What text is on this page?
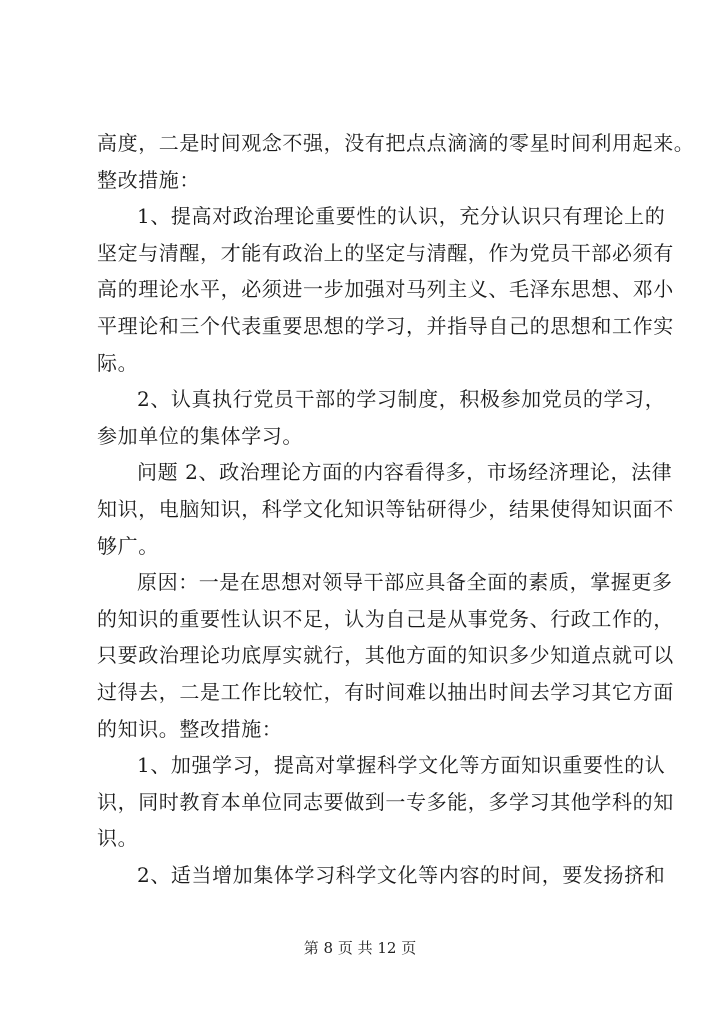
高度，二是时间观念不强，没有把点点滴滴的零星时间利用起来。
整改措施：
1、提高对政治理论重要性的认识，充分认识只有理论上的
坚定与清醒，才能有政治上的坚定与清醒，作为党员干部必须有
高的理论水平，必须进一步加强对马列主义、毛泽东思想、邓小
平理论和三个代表重要思想的学习，并指导自己的思想和工作实
际。
2、认真执行党员干部的学习制度，积极参加党员的学习，
参加单位的集体学习。
问题 2、政治理论方面的内容看得多，市场经济理论，法律
知识，电脑知识，科学文化知识等钻研得少，结果使得知识面不
够广。
原因：一是在思想对领导干部应具备全面的素质，掌握更多
的知识的重要性认识不足，认为自己是从事党务、行政工作的，
只要政治理论功底厚实就行，其他方面的知识多少知道点就可以
过得去，二是工作比较忙，有时间难以抽出时间去学习其它方面
的知识。整改措施：
1、加强学习，提高对掌握科学文化等方面知识重要性的认
识，同时教育本单位同志要做到一专多能，多学习其他学科的知
识。
2、适当增加集体学习科学文化等内容的时间，要发扬挤和
第 8 页 共 12 页
